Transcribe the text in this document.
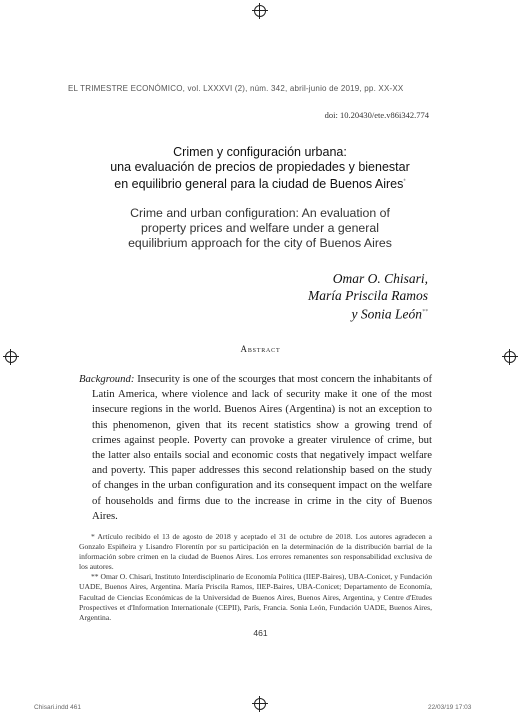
EL TRIMESTRE ECONÓMICO, vol. LXXXVI (2), núm. 342, abril-junio de 2019, pp. XX-XX
doi: 10.20430/ete.v86i342.774
Crimen y configuración urbana:
una evaluación de precios de propiedades y bienestar
en equilibrio general para la ciudad de Buenos Aires*
Crime and urban configuration: An evaluation of
property prices and welfare under a general
equilibrium approach for the city of Buenos Aires
Omar O. Chisari,
María Priscila Ramos
y Sonia León**
Abstract

Background: Insecurity is one of the scourges that most concern the inhabitants of Latin America, where violence and lack of security make it one of the most insecure regions in the world. Buenos Aires (Argentina) is not an exception to this phenomenon, given that its recent statistics show a growing trend of crimes against people. Poverty can provoke a greater virulence of crime, but the latter also entails social and economic costs that negatively impact welfare and poverty. This paper addresses this second relationship based on the study of changes in the urban configuration and its consequent impact on the welfare of households and firms due to the increase in crime in the city of Buenos Aires.

* Artículo recibido el 13 de agosto de 2018 y aceptado el 31 de octubre de 2018. Los autores agradecen a Gonzalo Espiñeira y Lisandro Florentín por su participación en la determinación de la distribución barrial de la información sobre crimen en la ciudad de Buenos Aires. Los errores remanentes son responsabilidad exclusiva de los autores.

** Omar O. Chisari, Instituto Interdisciplinario de Economía Política (IIEP-Baires), UBA-Conicet, y Fundación UADE, Buenos Aires, Argentina. María Priscila Ramos, IIEP-Baires, UBA-Conicet; Departamento de Economía, Facultad de Ciencias Económicas de la Universidad de Buenos Aires, Buenos Aires, Argentina, y Centre d'Etudes Prospectives et d'Information Internationale (CEPII), París, Francia. Sonia León, Fundación UADE, Buenos Aires, Argentina.

461
Chisari.indd 461	22/03/19 17:03
